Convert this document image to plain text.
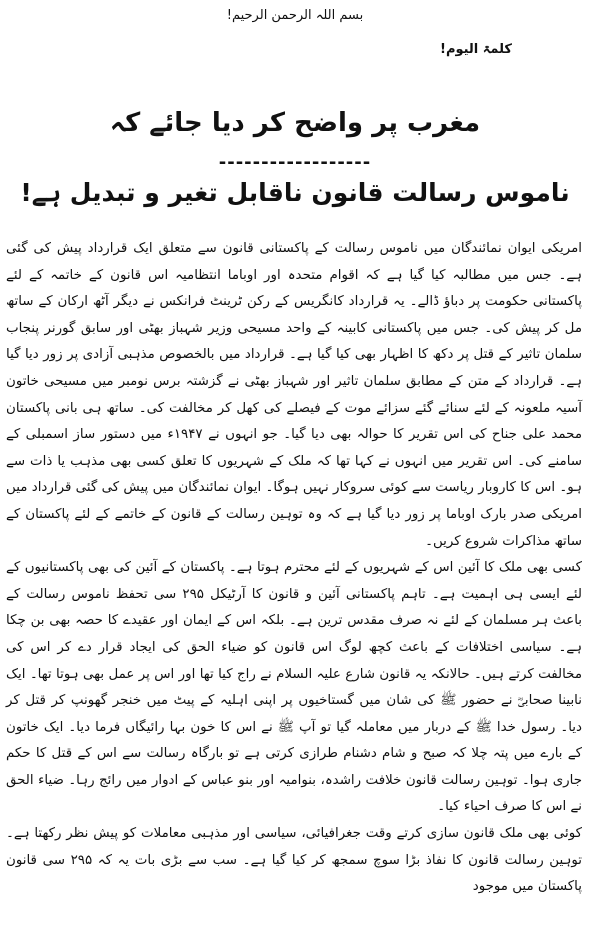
بسم اللہ الرحمن الرحیم!
کلمۃ الیوم!
مغرب پر واضح کر دیا جائے کہ
------------------
ناموس رسالت قانون ناقابل تغیر و تبدیل ہے!

امریکی ایوان نمائندگان میں ناموس رسالت کے پاکستانی قانون سے متعلق ایک قرارداد پیش کی گئی ہے۔ جس میں مطالبہ کیا گیا ہے کہ اقوام متحدہ اور اوباما انتظامیہ اس قانون کے خاتمہ کے لئے پاکستانی حکومت پر دباؤ ڈالے۔ یہ قرارداد کانگریس کے رکن ٹرینٹ فرانکس نے دیگر آٹھ ارکان کے ساتھ مل کر پیش کی۔ جس میں پاکستانی کابینہ کے واحد مسیحی وزیر شہباز بھٹی اور سابق گورنر پنجاب سلمان تاثیر کے قتل پر دکھ کا اظہار بھی کیا گیا ہے۔ قرارداد میں بالخصوص مذہبی آزادی پر زور دیا گیا ہے۔ قرارداد کے متن کے مطابق سلمان تاثیر اور شہباز بھٹی نے گزشتہ برس نومبر میں مسیحی خاتون آسیہ ملعونہ کے لئے سنائے گئے سزائے موت کے فیصلے کی کھل کر مخالفت کی۔ ساتھ ہی بانی پاکستان محمد علی جناح کی اس تقریر کا حوالہ بھی دیا گیا۔ جو انہوں نے ۱۹۴۷ء میں دستور ساز اسمبلی کے سامنے کی۔ اس تقریر میں انہوں نے کہا تھا کہ ملک کے شہریوں کا تعلق کسی بھی مذہب یا ذات سے ہو۔ اس کا کاروبار ریاست سے کوئی سروکار نہیں ہوگا۔ ایوان نمائندگان میں پیش کی گئی قرارداد میں امریکی صدر بارک اوباما پر زور دیا گیا ہے کہ وہ توہین رسالت کے قانون کے خاتمے کے لئے پاکستان کے ساتھ مذاکرات شروع کریں۔

کسی بھی ملک کا آئین اس کے شہریوں کے لئے محترم ہوتا ہے۔ پاکستان کے آئین کی بھی پاکستانیوں کے لئے ایسی ہی اہمیت ہے۔ تاہم پاکستانی آئین و قانون کا آرٹیکل ۲۹۵ سی تحفظ ناموس رسالت کے باعث ہر مسلمان کے لئے نہ صرف مقدس ترین ہے۔ بلکہ اس کے ایمان اور عقیدے کا حصہ بھی بن چکا ہے۔ سیاسی اختلافات کے باعث کچھ لوگ اس قانون کو ضیاء الحق کی ایجاد قرار دے کر اس کی مخالفت کرتے ہیں۔ حالانکہ یہ قانون شارع علیہ السلام نے راج کیا تھا اور اس پر عمل بھی ہوتا تھا۔ ایک نابینا صحابیؓ نے حضور ﷺ کی شان میں گستاخیوں پر اپنی اہلیہ کے پیٹ میں خنجر گھونپ کر قتل کر دیا۔ رسول خدا ﷺ کے دربار میں معاملہ گیا تو آپ ﷺ نے اس کا خون بہا رائیگاں فرما دیا۔ ایک خاتون کے بارے میں پتہ چلا کہ صبح و شام دشنام طرازی کرتی ہے تو بارگاہ رسالت سے اس کے قتل کا حکم جاری ہوا۔ توہین رسالت قانون خلافت راشدہ، بنوامیہ اور بنو عباس کے ادوار میں رائج رہا۔ ضیاء الحق نے اس کا صرف احیاء کیا۔

کوئی بھی ملک قانون سازی کرتے وقت جغرافیائی، سیاسی اور مذہبی معاملات کو پیش نظر رکھتا ہے۔ توہین رسالت قانون کا نفاذ بڑا سوچ سمجھ کر کیا گیا ہے۔ سب سے بڑی بات یہ کہ ۲۹۵ سی قانون پاکستان میں موجود
